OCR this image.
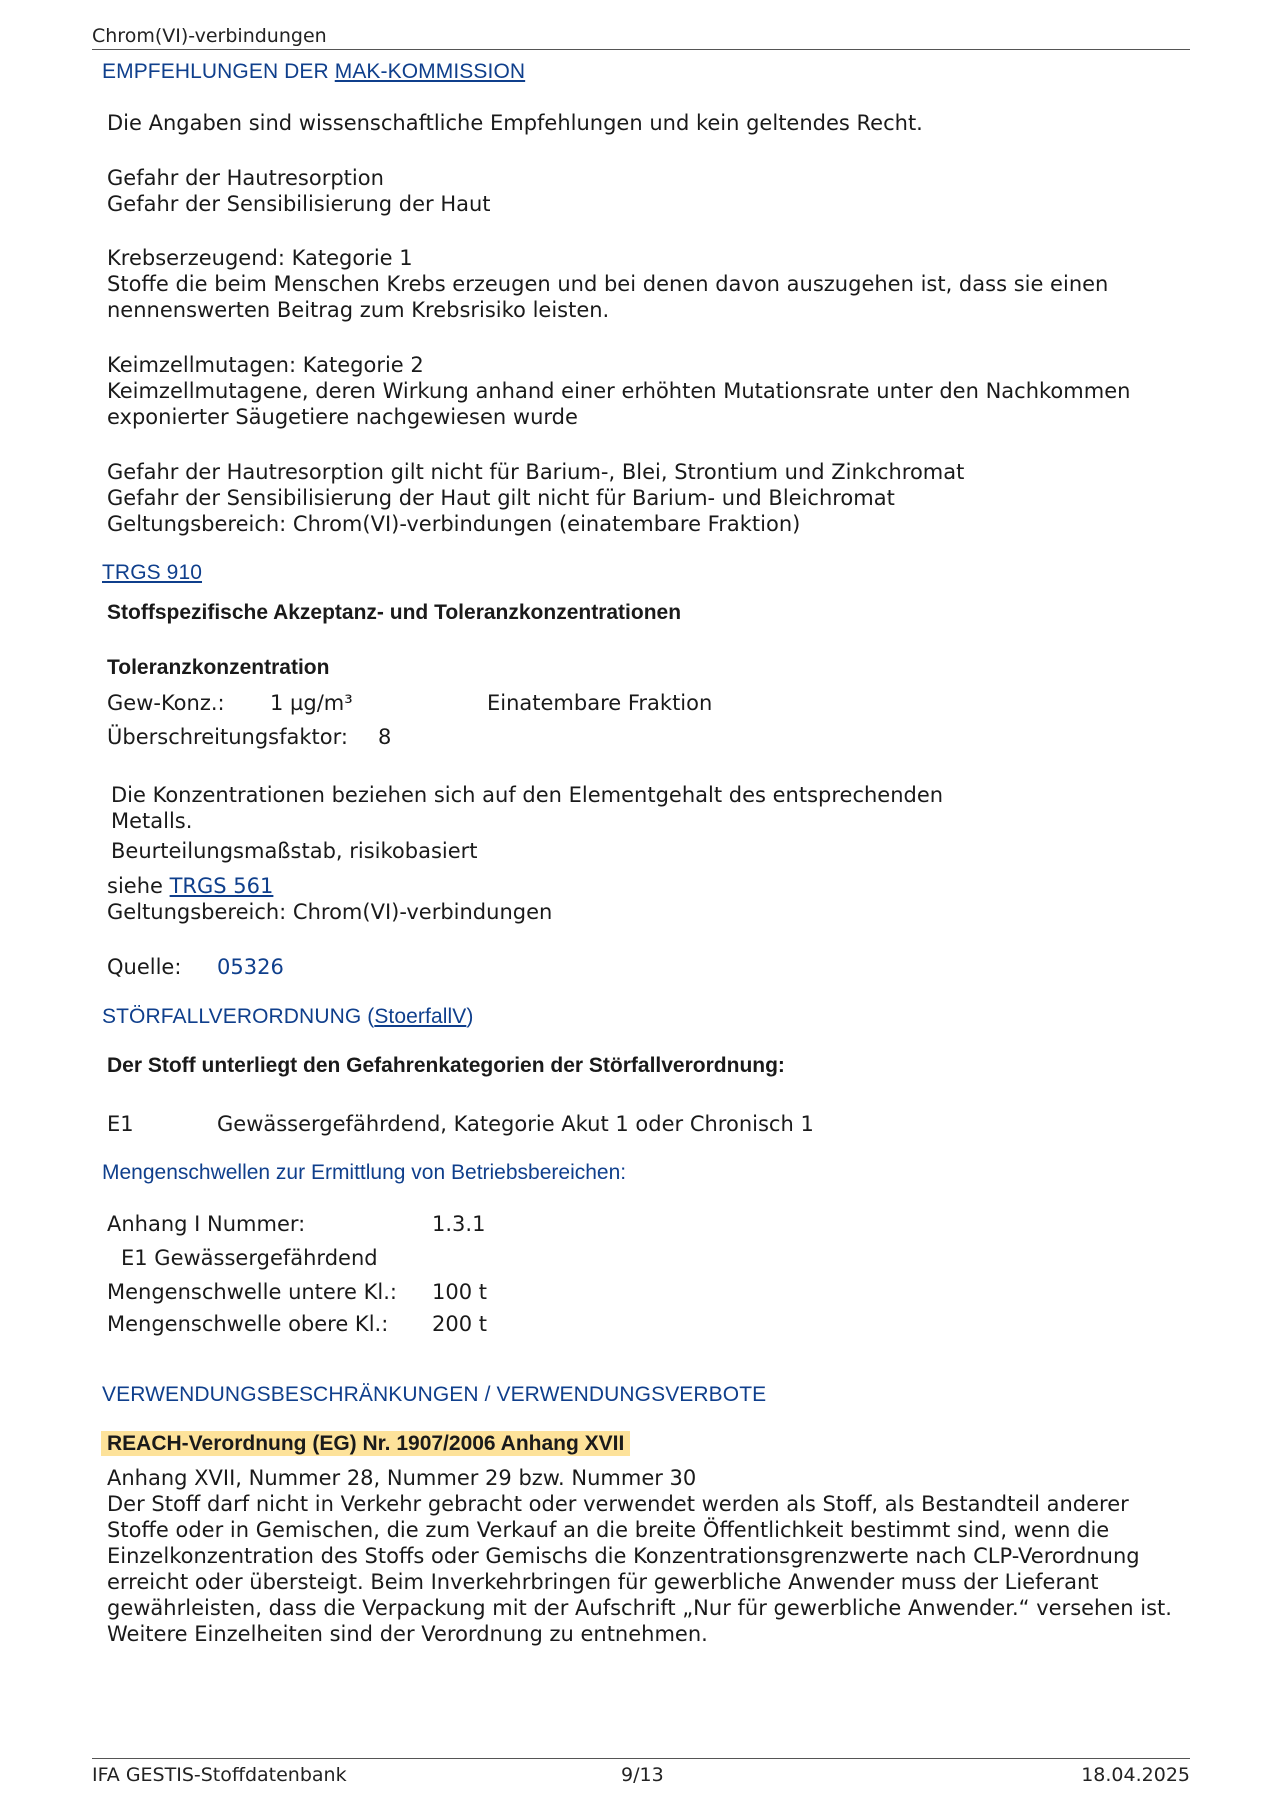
Chrom(VI)-verbindungen
EMPFEHLUNGEN DER MAK-KOMMISSION
Die Angaben sind wissenschaftliche Empfehlungen und kein geltendes Recht.
Gefahr der Hautresorption
Gefahr der Sensibilisierung der Haut
Krebserzeugend: Kategorie 1
Stoffe die beim Menschen Krebs erzeugen und bei denen davon auszugehen ist, dass sie einen nennenswerten Beitrag zum Krebsrisiko leisten.
Keimzellmutagen: Kategorie 2
Keimzellmutagene, deren Wirkung anhand einer erhöhten Mutationsrate unter den Nachkommen exponierter Säugetiere nachgewiesen wurde
Gefahr der Hautresorption gilt nicht für Barium-, Blei, Strontium und Zinkchromat
Gefahr der Sensibilisierung der Haut gilt nicht für Barium- und Bleichromat
Geltungsbereich: Chrom(VI)-verbindungen (einatembare Fraktion)
TRGS 910
Stoffspezifische Akzeptanz- und Toleranzkonzentrationen
Toleranzkonzentration
Gew-Konz.: 1 µg/m³	Einatembare Fraktion
Überschreitungsfaktor: 8
Die Konzentrationen beziehen sich auf den Elementgehalt des entsprechenden Metalls.
Beurteilungsmaßstab, risikobasiert
siehe TRGS 561
Geltungsbereich: Chrom(VI)-verbindungen
Quelle: 05326
STÖRFALLVERORDNUNG (StoerfallV)
Der Stoff unterliegt den Gefahrenkategorien der Störfallverordnung:
E1	Gewässergefährdend, Kategorie Akut 1 oder Chronisch 1
Mengenschwellen zur Ermittlung von Betriebsbereichen:
Anhang I Nummer:	1.3.1
E1 Gewässergefährdend
Mengenschwelle untere Kl.: 100 t
Mengenschwelle obere Kl.: 200 t
VERWENDUNGSBESCHRÄNKUNGEN / VERWENDUNGSVERBOTE
REACH-Verordnung (EG) Nr. 1907/2006 Anhang XVII
Anhang XVII, Nummer 28, Nummer 29 bzw. Nummer 30
Der Stoff darf nicht in Verkehr gebracht oder verwendet werden als Stoff, als Bestandteil anderer Stoffe oder in Gemischen, die zum Verkauf an die breite Öffentlichkeit bestimmt sind, wenn die Einzelkonzentration des Stoffs oder Gemischs die Konzentrationsgrenzwerte nach CLP-Verordnung erreicht oder übersteigt. Beim Inverkehrbringen für gewerbliche Anwender muss der Lieferant gewährleisten, dass die Verpackung mit der Aufschrift „Nur für gewerbliche Anwender.“ versehen ist. Weitere Einzelheiten sind der Verordnung zu entnehmen.
IFA GESTIS-Stoffdatenbank	9/13	18.04.2025
